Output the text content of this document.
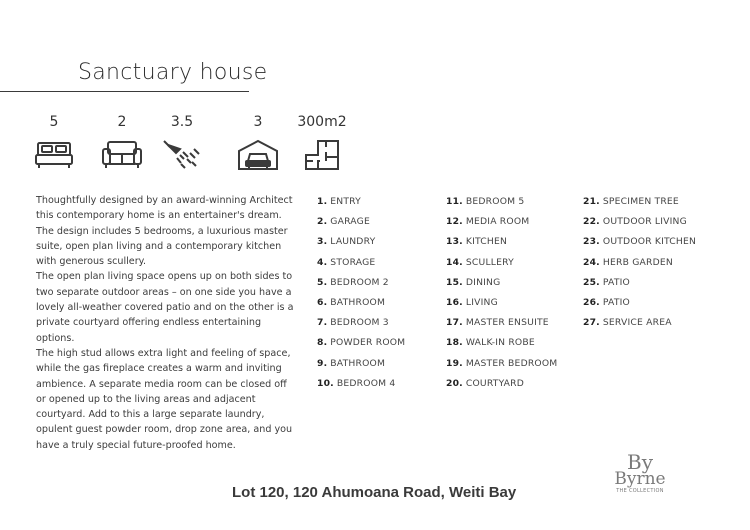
Sanctuary house
5	2	3.5	3	300m2

Thoughtfully designed by an award-winning Architect this contemporary home is an entertainer's dream. The design includes 5 bedrooms, a luxurious master suite, open plan living and a contemporary kitchen with generous scullery.

The open plan living space opens up on both sides to two separate outdoor areas – on one side you have a lovely all-weather covered patio and on the other is a private courtyard offering endless entertaining options.

The high stud allows extra light and feeling of space, while the gas fireplace creates a warm and inviting ambience. A separate media room can be closed off or opened up to the living areas and adjacent courtyard. Add to this a large separate laundry, opulent guest powder room, drop zone area, and you have a truly special future-proofed home.

1. ENTRY
2. GARAGE
3. LAUNDRY
4. STORAGE
5. BEDROOM 2
6. BATHROOM
7. BEDROOM 3
8. POWDER ROOM
9. BATHROOM
10. BEDROOM 4
11. BEDROOM 5
12. MEDIA ROOM
13. KITCHEN
14. SCULLERY
15. DINING
16. LIVING
17. MASTER ENSUITE
18. WALK-IN ROBE
19. MASTER BEDROOM
20. COURTYARD
21. SPECIMEN TREE
22. OUTDOOR LIVING
23. OUTDOOR KITCHEN
24. HERB GARDEN
25. PATIO
26. PATIO
27. SERVICE AREA
Lot 120, 120 Ahumoana Road, Weiti Bay
By
Byrne
THE COLLECTION
